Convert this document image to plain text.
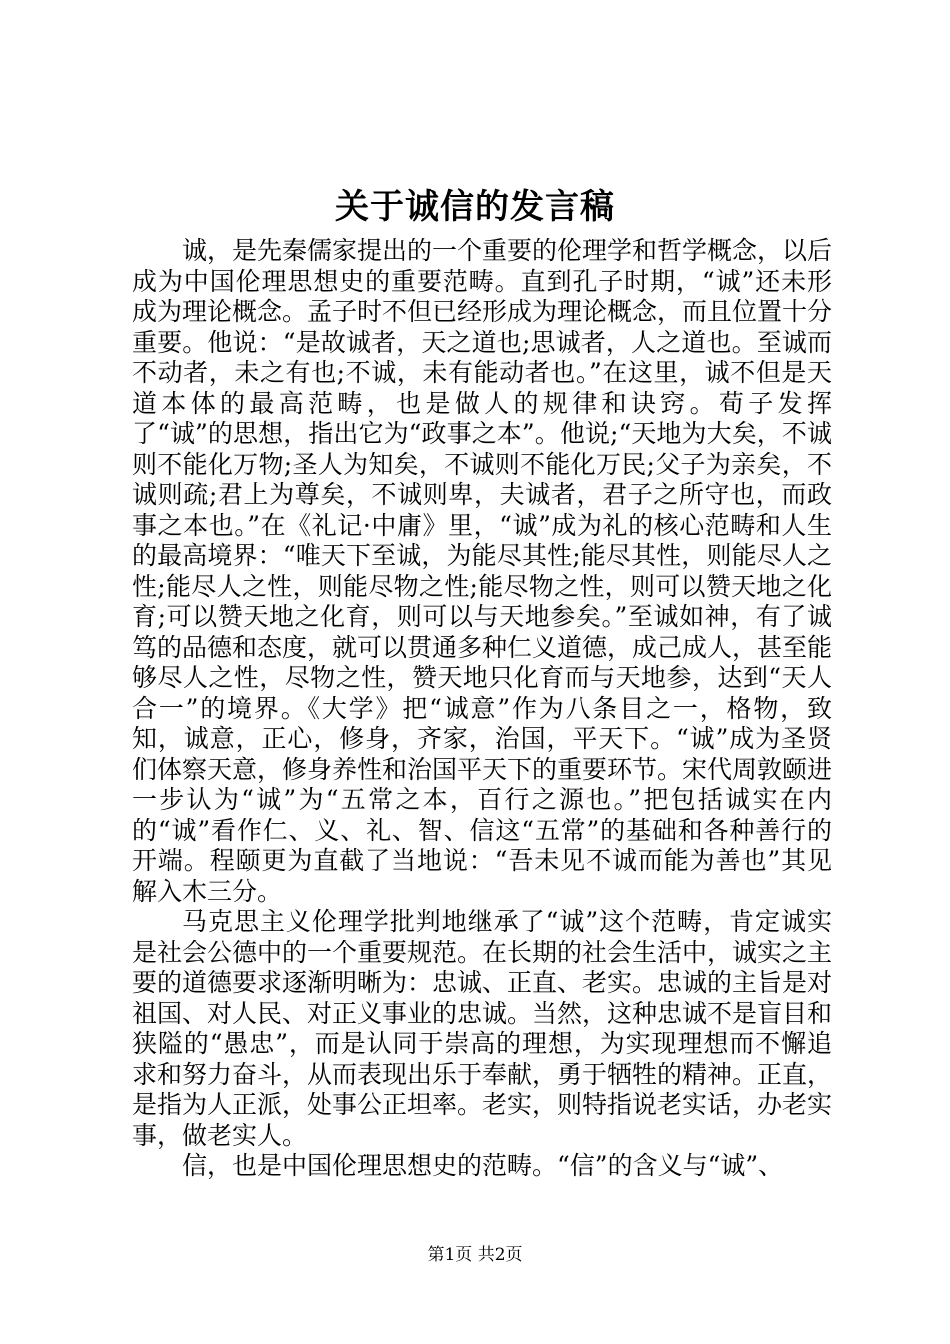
关于诚信的发言稿

诚，是先秦儒家提出的一个重要的伦理学和哲学概念，以后成为中国伦理思想史的重要范畴。直到孔子时期，“诚”还未形成为理论概念。孟子时不但已经形成为理论概念，而且位置十分重要。他说：“是故诚者，天之道也;思诚者，人之道也。至诚而不动者，未之有也;不诚，未有能动者也。”在这里，诚不但是天道本体的最高范畴，也是做人的规律和诀窍。荀子发挥了“诚”的思想，指出它为“政事之本”。他说;“天地为大矣，不诚则不能化万物;圣人为知矣，不诚则不能化万民;父子为亲矣，不诚则疏;君上为尊矣，不诚则卑，夫诚者，君子之所守也，而政事之本也。”在《礼记·中庸》里，“诚”成为礼的核心范畴和人生的最高境界：“唯天下至诚，为能尽其性;能尽其性，则能尽人之性;能尽人之性，则能尽物之性;能尽物之性，则可以赞天地之化育;可以赞天地之化育，则可以与天地参矣。”至诚如神，有了诚笃的品德和态度，就可以贯通多种仁义道德，成己成人，甚至能够尽人之性，尽物之性，赞天地只化育而与天地参，达到“天人合一”的境界。《大学》把“诚意”作为八条目之一，格物，致知，诚意，正心，修身，齐家，治国，平天下。“诚”成为圣贤们体察天意，修身养性和治国平天下的重要环节。宋代周敦颐进一步认为“诚”为“五常之本，百行之源也。”把包括诚实在内的“诚”看作仁、义、礼、智、信这“五常”的基础和各种善行的开端。程颐更为直截了当地说：“吾未见不诚而能为善也”其见解入木三分。

马克思主义伦理学批判地继承了“诚”这个范畴，肯定诚实是社会公德中的一个重要规范。在长期的社会生活中，诚实之主要的道德要求逐渐明晰为：忠诚、正直、老实。忠诚的主旨是对祖国、对人民、对正义事业的忠诚。当然，这种忠诚不是盲目和狭隘的“愚忠”，而是认同于崇高的理想，为实现理想而不懈追求和努力奋斗，从而表现出乐于奉献，勇于牺牲的精神。正直，是指为人正派，处事公正坦率。老实，则特指说老实话，办老实事，做老实人。

信，也是中国伦理思想史的范畴。“信”的含义与“诚”、

第1页 共2页
